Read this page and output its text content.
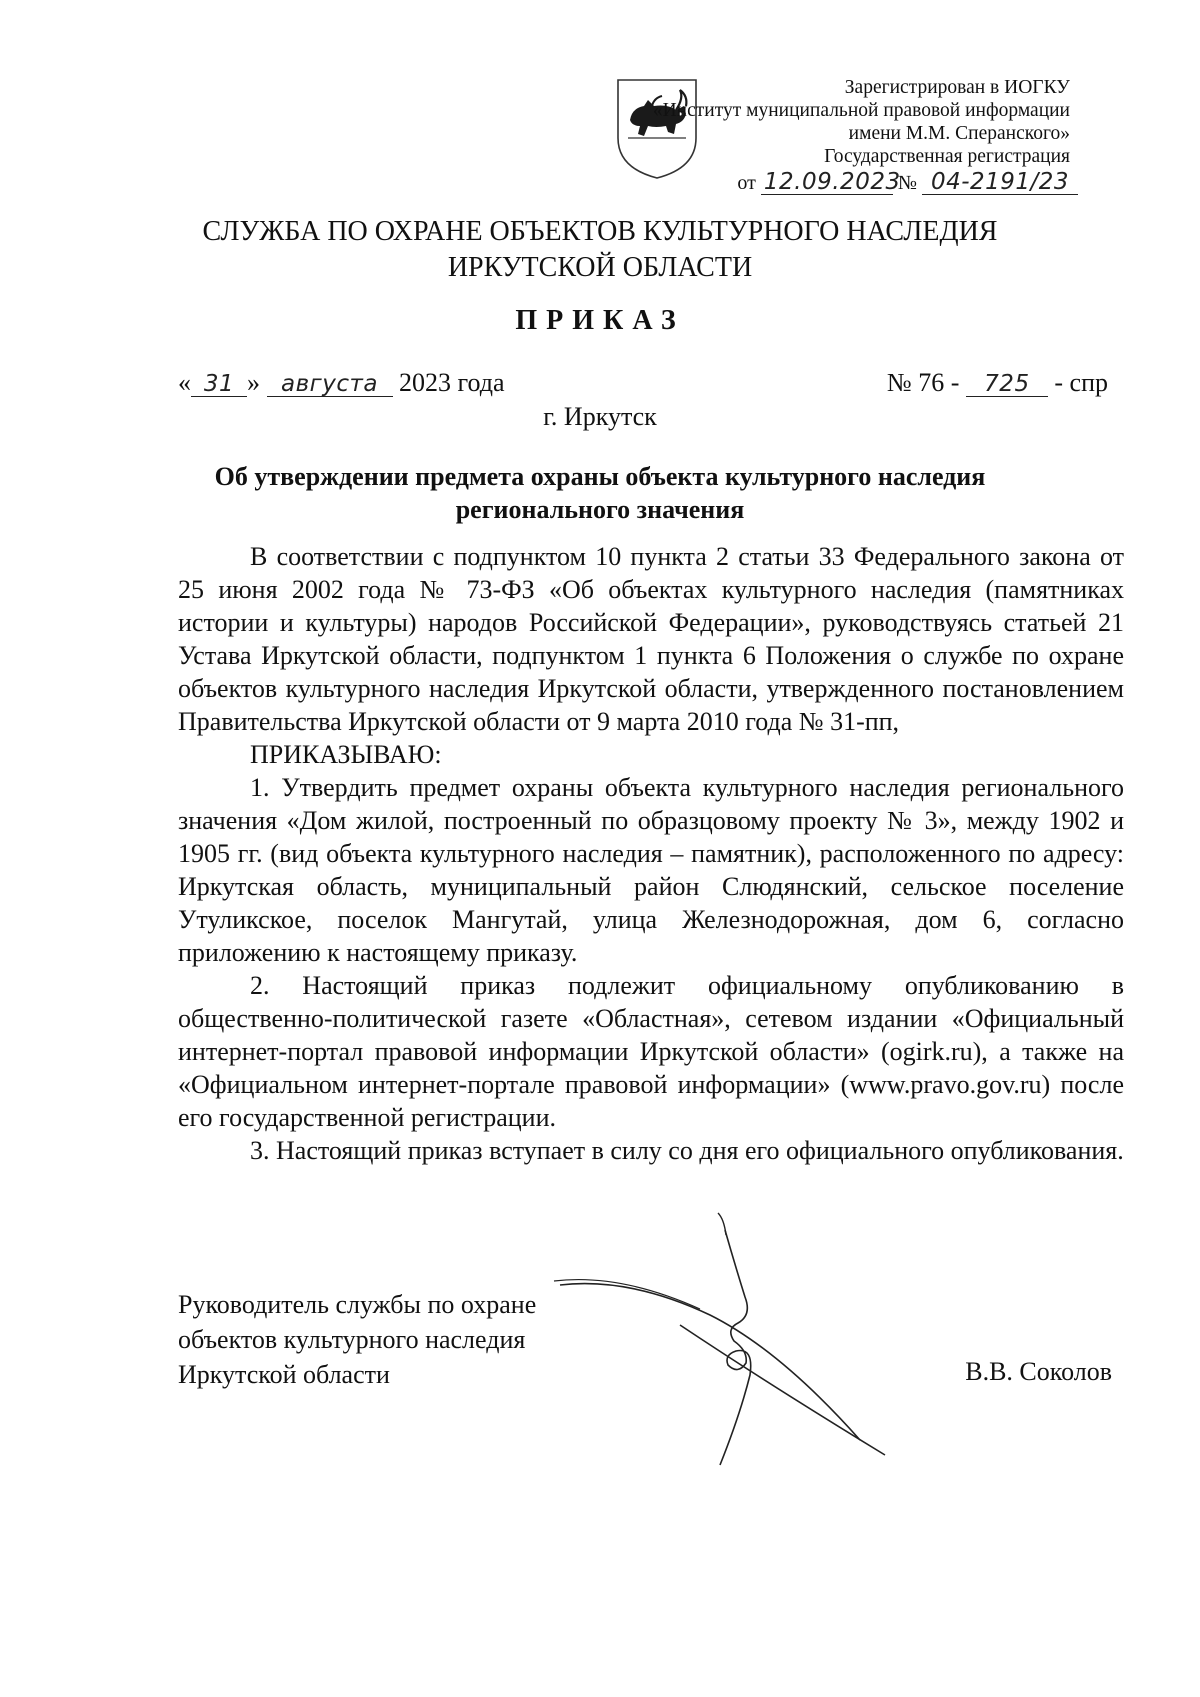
Зарегистрирован в ИОГКУ
«Институт муниципальной правовой информации
имени М.М. Сперанского»
Государственная регистрация
от 12.09.2023 № 04-2191/23
СЛУЖБА ПО ОХРАНЕ ОБЪЕКТОВ КУЛЬТУРНОГО НАСЛЕДИЯ
ИРКУТСКОЙ ОБЛАСТИ
ПРИКАЗ
« 31 » августа 2023 года	№ 76 - 725 - спр
г. Иркутск
Об утверждении предмета охраны объекта культурного наследия
регионального значения

В соответствии с подпунктом 10 пункта 2 статьи 33 Федерального закона от 25 июня 2002 года № 73-ФЗ «Об объектах культурного наследия (памятниках истории и культуры) народов Российской Федерации», руководствуясь статьей 21 Устава Иркутской области, подпунктом 1 пункта 6 Положения о службе по охране объектов культурного наследия Иркутской области, утвержденного постановлением Правительства Иркутской области от 9 марта 2010 года № 31-пп,

ПРИКАЗЫВАЮ:

1. Утвердить предмет охраны объекта культурного наследия регионального значения «Дом жилой, построенный по образцовому проекту № 3», между 1902 и 1905 гг. (вид объекта культурного наследия – памятник), расположенного по адресу: Иркутская область, муниципальный район Слюдянский, сельское поселение Утуликское, поселок Мангутай, улица Железнодорожная, дом 6, согласно приложению к настоящему приказу.

2. Настоящий приказ подлежит официальному опубликованию в общественно-политической газете «Областная», сетевом издании «Официальный интернет-портал правовой информации Иркутской области» (ogirk.ru), а также на «Официальном интернет-портале правовой информации» (www.pravo.gov.ru) после его государственной регистрации.

3. Настоящий приказ вступает в силу со дня его официального опубликования.

Руководитель службы по охране
объектов культурного наследия
Иркутской области	В.В. Соколов
